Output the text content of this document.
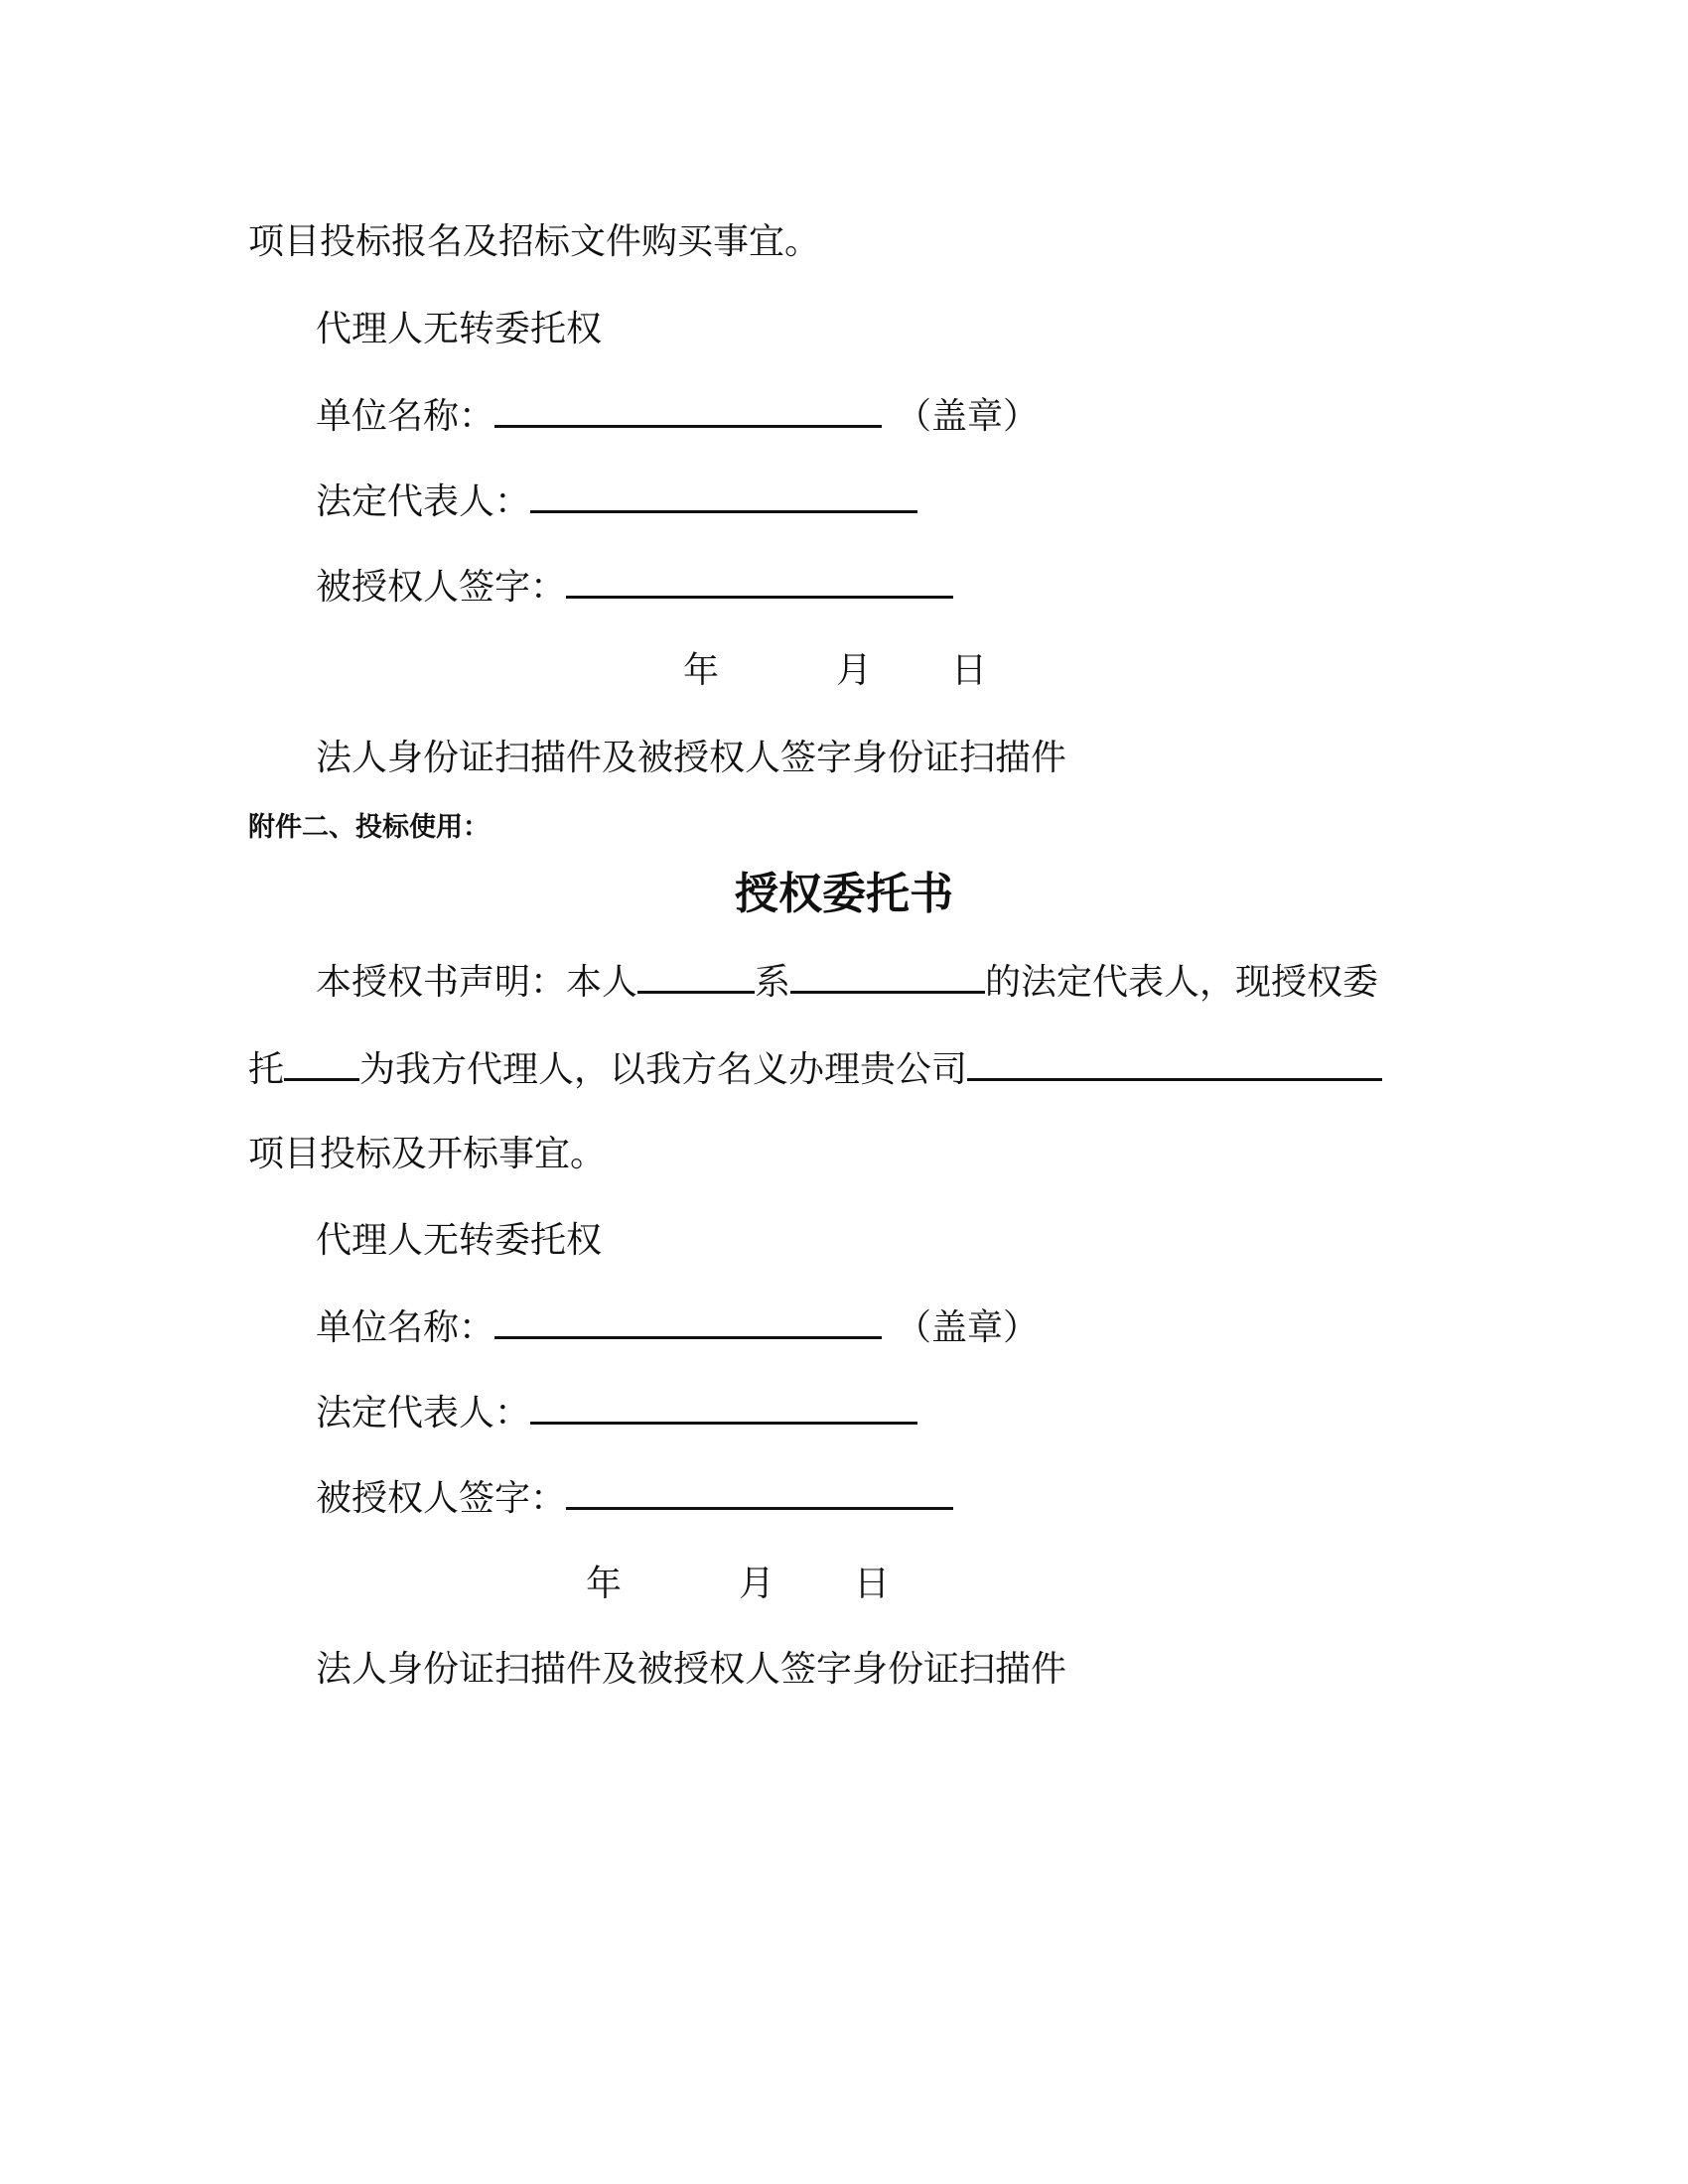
项目投标报名及招标文件购买事宜。
代理人无转委托权
单位名称：	（盖章）
法定代表人：
被授权人签字：
年	月 日
法人身份证扫描件及被授权人签字身份证扫描件
附件二、投标使用：
授权委托书
本授权书声明：本人	系	的法定代表人，现授权委
托 为我方代理人，以我方名义办理贵公司
项目投标及开标事宜。
代理人无转委托权
单位名称：	（盖章）
法定代表人：
被授权人签字：
年	月 日
法人身份证扫描件及被授权人签字身份证扫描件
